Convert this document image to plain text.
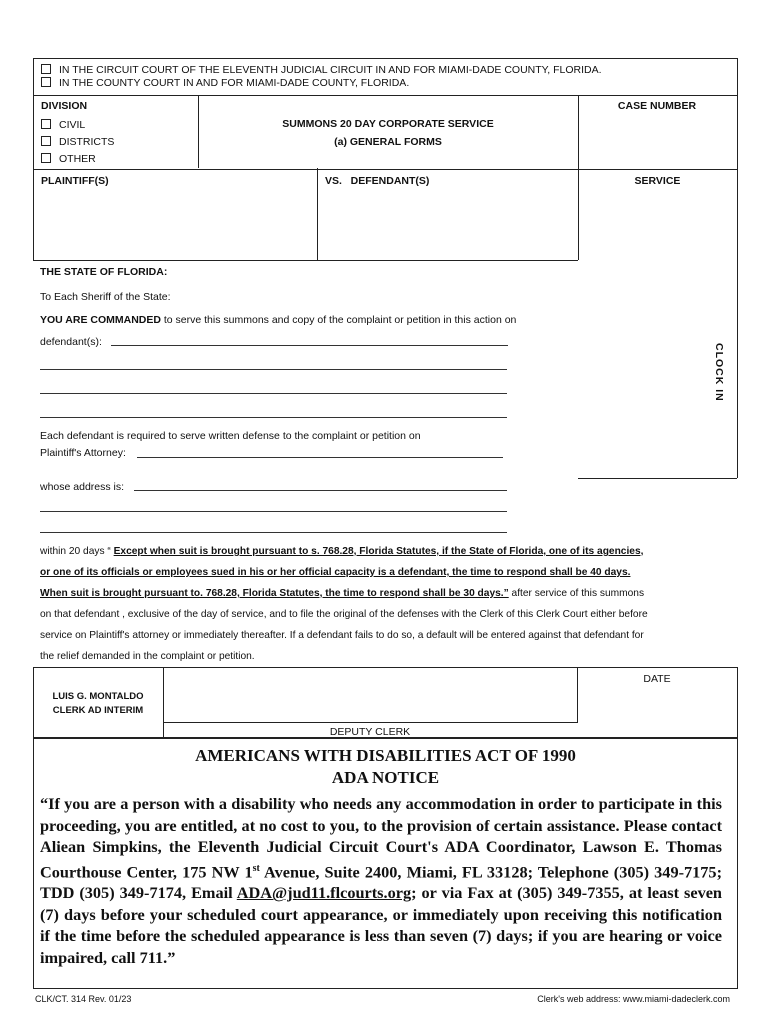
IN THE CIRCUIT COURT OF THE ELEVENTH JUDICIAL CIRCUIT IN AND FOR MIAMI-DADE COUNTY, FLORIDA.
IN THE COUNTY COURT IN AND FOR MIAMI-DADE COUNTY, FLORIDA.
DIVISION
CIVIL
DISTRICTS
OTHER
SUMMONS 20 DAY CORPORATE SERVICE
(a) GENERAL FORMS
CASE NUMBER
PLAINTIFF(S)	VS.   DEFENDANT(S)	SERVICE
CLOCK IN
THE STATE OF FLORIDA:
To Each Sheriff of the State:
YOU ARE COMMANDED to serve this summons and copy of the complaint or petition in this action on
defendant(s):
Each defendant is required to serve written defense to the complaint or petition on
Plaintiff's Attorney:
whose address is:
within 20 days “ Except when suit is brought pursuant to s. 768.28, Florida Statutes, if the State of Florida, one of its agencies,
or one of its officials or employees sued in his or her official capacity is a defendant, the time to respond shall be 40 days.
When suit is brought pursuant to. 768.28, Florida Statutes, the time to respond shall be 30 days.” after service of this summons
on that defendant , exclusive of the day of service, and to file the original of the defenses with the Clerk of this Clerk Court either before
service on Plaintiff's attorney or immediately thereafter. If a defendant fails to do so, a default will be entered against that defendant for
the relief demanded in the complaint or petition.
LUIS G. MONTALDO
CLERK AD INTERIM
DEPUTY CLERK
DATE
AMERICANS WITH DISABILITIES ACT OF 1990
ADA NOTICE

“If you are a person with a disability who needs any accommodation in order to participate in this proceeding, you are entitled, at no cost to you, to the provision of certain assistance. Please contact Aliean Simpkins, the Eleventh Judicial Circuit Court's ADA Coordinator, Lawson E. Thomas Courthouse Center, 175 NW 1st Avenue, Suite 2400, Miami, FL 33128; Telephone (305) 349-7175; TDD (305) 349-7174, Email ADA@jud11.flcourts.org; or via Fax at (305) 349-7355, at least seven (7) days before your scheduled court appearance, or immediately upon receiving this notification if the time before the scheduled appearance is less than seven (7) days; if you are hearing or voice impaired, call 711.”

CLK/CT. 314 Rev. 01/23	Clerk's web address: www.miami-dadeclerk.com
